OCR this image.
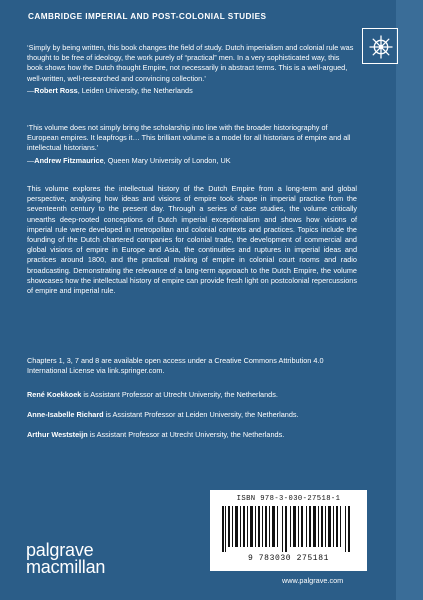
CAMBRIDGE IMPERIAL AND POST-COLONIAL STUDIES

‘Simply by being written, this book changes the field of study. Dutch imperialism and colonial rule was thought to be free of ideology, the work purely of “practical” men. In a very sophisticated way, this book shows how the Dutch thought Empire, not necessarily in abstract terms. This is a well-argued, well-written, well-researched and convincing collection.’

—Robert Ross, Leiden University, the Netherlands

‘This volume does not simply bring the scholarship into line with the broader historiography of European empires. It leapfrogs it… This brilliant volume is a model for all historians of empire and all intellectual historians.’

—Andrew Fitzmaurice, Queen Mary University of London, UK
This volume explores the intellectual history of the Dutch Empire from a long-term and global perspective, analysing how ideas and visions of empire took shape in imperial practice from the seventeenth century to the present day. Through a series of case studies, the volume critically unearths deep-rooted conceptions of Dutch imperial exceptionalism and shows how visions of imperial rule were developed in metropolitan and colonial contexts and practices. Topics include the founding of the Dutch chartered companies for colonial trade, the development of commercial and global visions of empire in Europe and Asia, the continuities and ruptures in imperial ideas and practices around 1800, and the practical making of empire in colonial court rooms and radio broadcasting. Demonstrating the relevance of a long-term approach to the Dutch Empire, the volume showcases how the intellectual history of empire can provide fresh light on postcolonial repercussions of empire and imperial rule.
Chapters 1, 3, 7 and 8 are available open access under a Creative Commons Attribution 4.0 International License via link.springer.com.
René Koekkoek is Assistant Professor at Utrecht University, the Netherlands.
Anne-Isabelle Richard is Assistant Professor at Leiden University, the Netherlands.
Arthur Weststeijn is Assistant Professor at Utrecht University, the Netherlands.
ISBN 978-3-030-27518-1
9 783030 275181
www.palgrave.com
palgrave
macmillan
